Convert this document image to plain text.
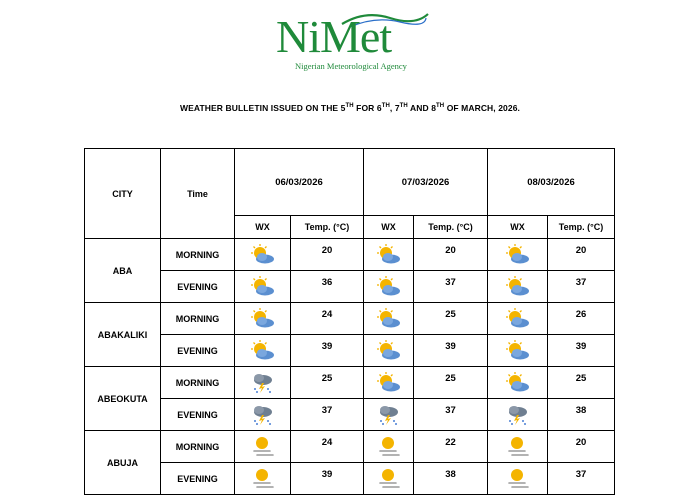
NiMet
Nigerian Meteorological Agency
WEATHER BULLETIN ISSUED ON THE 5TH FOR 6TH, 7TH AND 8TH OF MARCH, 2026.
CITY	Time	06/03/2026		07/03/2026		08/03/2026	
		WX	Temp. (°C)	WX	Temp. (°C)	WX	Temp. (°C)
ABA	MORNING		20		20		20
	EVENING		36		37		37
ABAKALIKI	MORNING		24		25		26
	EVENING		39		39		39
ABEOKUTA	MORNING		25		25		25
	EVENING		37		37		38
ABUJA	MORNING		24		22		20
	EVENING		39		38		37
